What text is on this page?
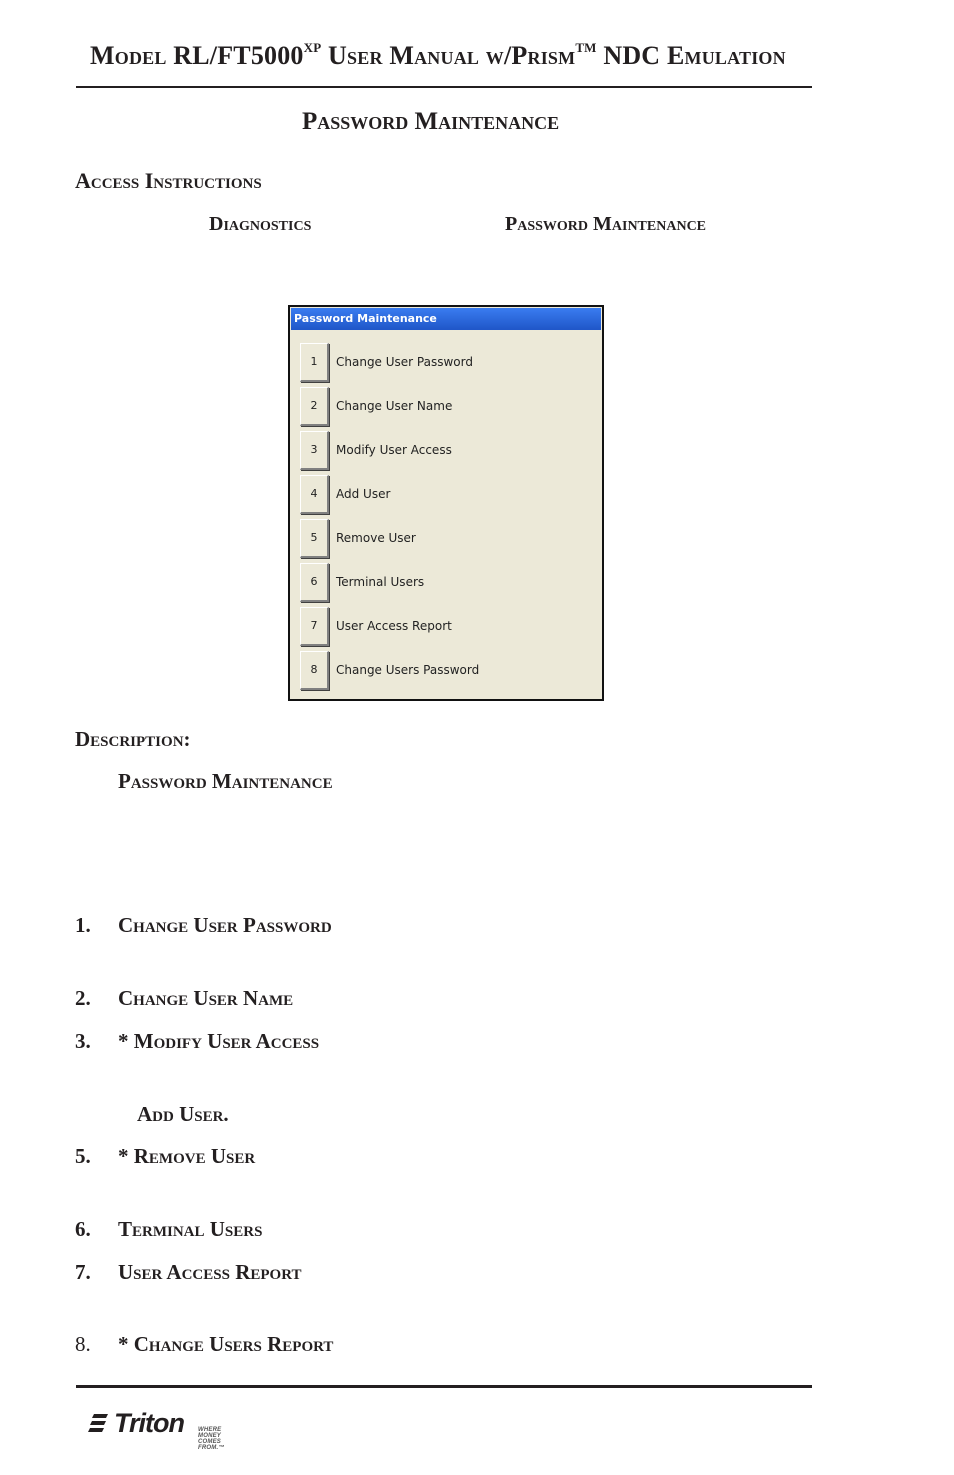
Model $RL/FT5000^{XP}$ User Manual w/Prism™ NDC Emulation
Password Maintenance
Access Instructions
Diagnostics	Password Maintenance
Password Maintenance
1	Change User Password
2	Change User Name
3	Modify User Access
4	Add User
5	Remove User
6	Terminal Users
7	User Access Report
8	Change Users Password
Description:
Password Maintenance
1. Change User Password
2. Change User Name
3. * Modify User Access
Add User.
5. * Remove User
6. Terminal Users
7. User Access Report
8. * Change Users Report
Triton WHERE MONEY COMES FROM.™
